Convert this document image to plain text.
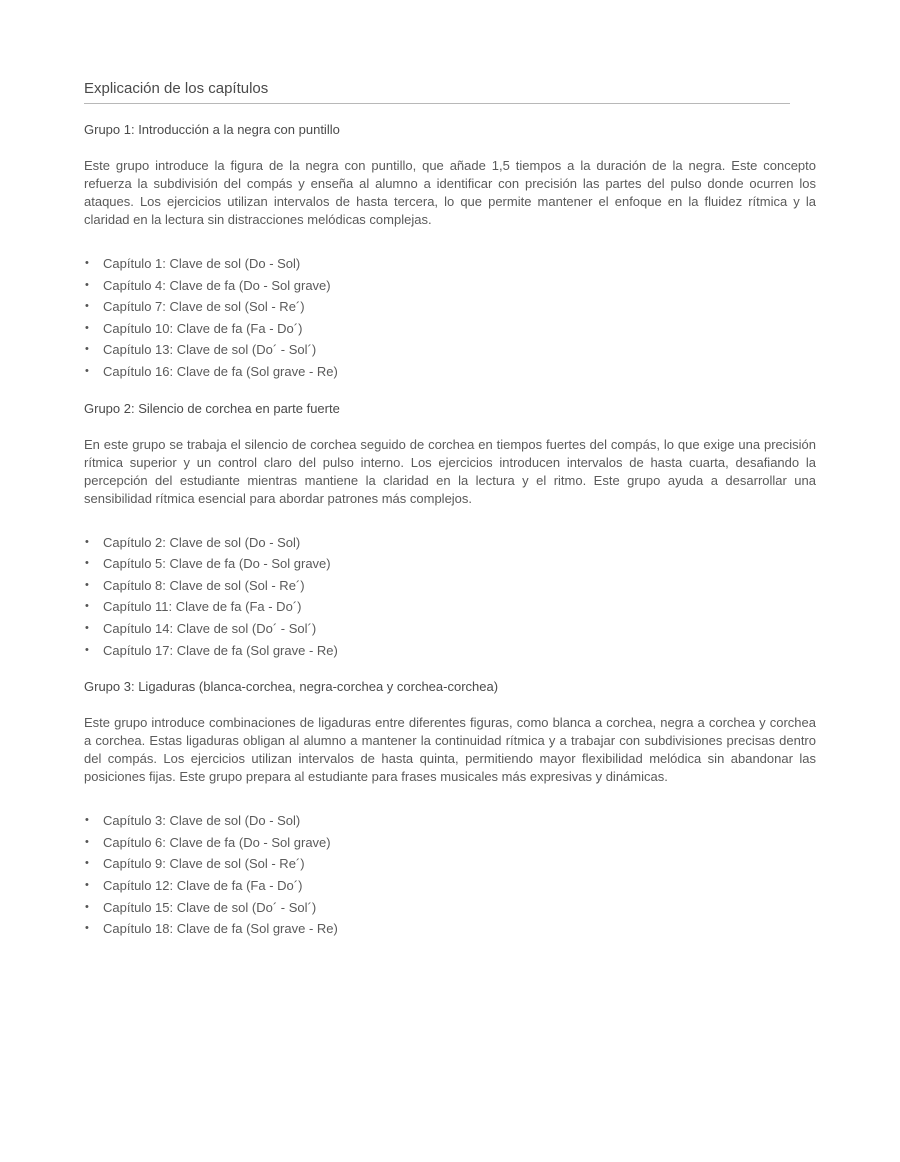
Explicación de los capítulos
Grupo 1: Introducción a la negra con puntillo

Este grupo introduce la figura de la negra con puntillo, que añade 1,5 tiempos a la duración de la negra. Este concepto refuerza la subdivisión del compás y enseña al alumno a identificar con precisión las partes del pulso donde ocurren los ataques. Los ejercicios utilizan intervalos de hasta tercera, lo que permite mantener el enfoque en la fluidez rítmica y la claridad en la lectura sin distracciones melódicas complejas.

• Capítulo 1: Clave de sol (Do - Sol)
• Capítulo 4: Clave de fa (Do - Sol grave)
• Capítulo 7: Clave de sol (Sol - Re´)
• Capítulo 10: Clave de fa (Fa - Do´)
• Capítulo 13: Clave de sol (Do´ - Sol´)
• Capítulo 16: Clave de fa (Sol grave - Re)
Grupo 2: Silencio de corchea en parte fuerte

En este grupo se trabaja el silencio de corchea seguido de corchea en tiempos fuertes del compás, lo que exige una precisión rítmica superior y un control claro del pulso interno. Los ejercicios introducen intervalos de hasta cuarta, desafiando la percepción del estudiante mientras mantiene la claridad en la lectura y el ritmo. Este grupo ayuda a desarrollar una sensibilidad rítmica esencial para abordar patrones más complejos.

• Capítulo 2: Clave de sol (Do - Sol)
• Capítulo 5: Clave de fa (Do - Sol grave)
• Capítulo 8: Clave de sol (Sol - Re´)
• Capítulo 11: Clave de fa (Fa - Do´)
• Capítulo 14: Clave de sol (Do´ - Sol´)
• Capítulo 17: Clave de fa (Sol grave - Re)
Grupo 3: Ligaduras (blanca-corchea, negra-corchea y corchea-corchea)

Este grupo introduce combinaciones de ligaduras entre diferentes figuras, como blanca a corchea, negra a corchea y corchea a corchea. Estas ligaduras obligan al alumno a mantener la continuidad rítmica y a trabajar con subdivisiones precisas dentro del compás. Los ejercicios utilizan intervalos de hasta quinta, permitiendo mayor flexibilidad melódica sin abandonar las posiciones fijas. Este grupo prepara al estudiante para frases musicales más expresivas y dinámicas.

• Capítulo 3: Clave de sol (Do - Sol)
• Capítulo 6: Clave de fa (Do - Sol grave)
• Capítulo 9: Clave de sol (Sol - Re´)
• Capítulo 12: Clave de fa (Fa - Do´)
• Capítulo 15: Clave de sol (Do´ - Sol´)
• Capítulo 18: Clave de fa (Sol grave - Re)
